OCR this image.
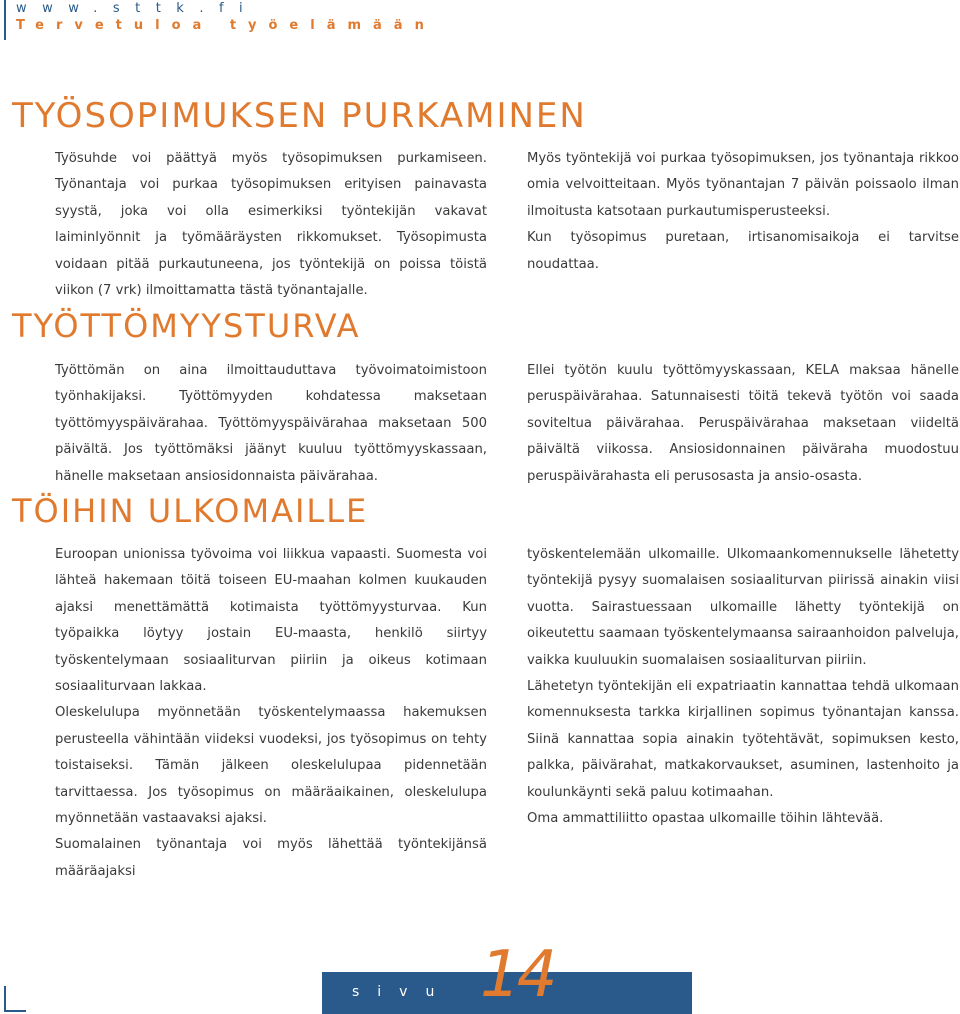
www.sttk.fi
Tervetuloa työelämään
TYÖSOPIMUKSEN PURKAMINEN

Työsuhde voi päättyä myös työsopimuksen purkamiseen. Työnantaja voi purkaa työsopimuksen erityisen painavasta syystä, joka voi olla esimerkiksi työntekijän vakavat laiminlyönnit ja työmääräysten rikkomukset. Työsopimusta voidaan pitää purkautuneena, jos työntekijä on poissa töistä viikon (7 vrk) ilmoittamatta tästä työnantajalle.

Myös työntekijä voi purkaa työsopimuksen, jos työnantaja rikkoo omia velvoitteitaan. Myös työnantajan 7 päivän poissaolo ilman ilmoitusta katsotaan purkautumisperusteeksi.

Kun työsopimus puretaan, irtisanomisaikoja ei tarvitse noudattaa.

TYÖTTÖMYYSTURVA

Työttömän on aina ilmoittauduttava työvoimatoimistoon työnhakijaksi. Työttömyyden kohdatessa maksetaan työttömyyspäivärahaa. Työttömyyspäivärahaa maksetaan 500 päivältä. Jos työttömäksi jäänyt kuuluu työttömyyskassaan, hänelle maksetaan ansiosidonnaista päivärahaa.

Ellei työtön kuulu työttömyyskassaan, KELA maksaa hänelle peruspäivärahaa. Satunnaisesti töitä tekevä työtön voi saada soviteltua päivärahaa. Peruspäivärahaa maksetaan viideltä päivältä viikossa. Ansiosidonnainen päiväraha muodostuu peruspäivärahasta eli perusosasta ja ansio-osasta.

TÖIHIN ULKOMAILLE

Euroopan unionissa työvoima voi liikkua vapaasti. Suomesta voi lähteä hakemaan töitä toiseen EU-maahan kolmen kuukauden ajaksi menettämättä kotimaista työttömyysturvaa. Kun työpaikka löytyy jostain EU-maasta, henkilö siirtyy työskentelymaan sosiaaliturvan piiriin ja oikeus kotimaan sosiaaliturvaan lakkaa.

Oleskelulupa myönnetään työskentelymaassa hakemuksen perusteella vähintään viideksi vuodeksi, jos työsopimus on tehty toistaiseksi. Tämän jälkeen oleskelulupaa pidennetään tarvittaessa. Jos työsopimus on määräaikainen, oleskelulupa myönnetään vastaavaksi ajaksi.

Suomalainen työnantaja voi myös lähettää työntekijänsä määräajaksi

työskentelemään ulkomaille. Ulkomaankomennukselle lähetetty työntekijä pysyy suomalaisen sosiaaliturvan piirissä ainakin viisi vuotta. Sairastuessaan ulkomaille lähetty työntekijä on oikeutettu saamaan työskentelymaansa sairaanhoidon palveluja, vaikka kuuluukin suomalaisen sosiaaliturvan piiriin.

Lähetetyn työntekijän eli expatriaatin kannattaa tehdä ulkomaan komennuksesta tarkka kirjallinen sopimus työnantajan kanssa. Siinä kannattaa sopia ainakin työtehtävät, sopimuksen kesto, palkka, päivärahat, matkakorvaukset, asuminen, lastenhoito ja koulunkäynti sekä paluu kotimaahan.

Oma ammattiliitto opastaa ulkomaille töihin lähtevää.

sivu 14
